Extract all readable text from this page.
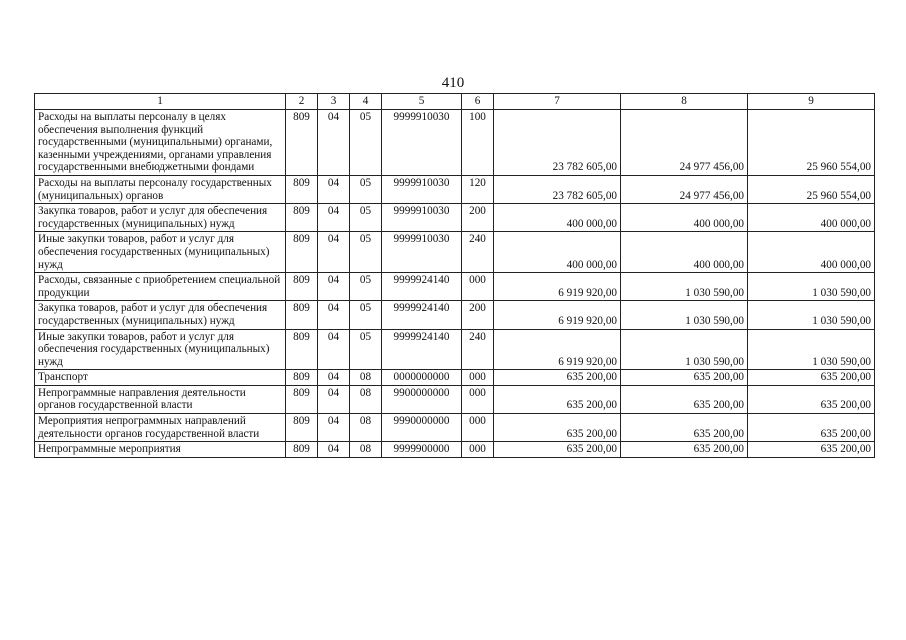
410
1	2	3	4	5	6	7	8	9
Расходы на выплаты персоналу в целях обеспечения выполнения функций государственными (муниципальными) органами, казенными учреждениями, органами управления государственными внебюджетными фондами	809	04	05	9999910030	100	23 782 605,00	24 977 456,00	25 960 554,00
Расходы на выплаты персоналу государственных (муниципальных) органов	809	04	05	9999910030	120	23 782 605,00	24 977 456,00	25 960 554,00
Закупка товаров, работ и услуг для обеспечения государственных (муниципальных) нужд	809	04	05	9999910030	200	400 000,00	400 000,00	400 000,00
Иные закупки товаров, работ и услуг для обеспечения государственных (муниципальных) нужд	809	04	05	9999910030	240	400 000,00	400 000,00	400 000,00
Расходы, связанные с приобретением специальной продукции	809	04	05	9999924140	000	6 919 920,00	1 030 590,00	1 030 590,00
Закупка товаров, работ и услуг для обеспечения государственных (муниципальных) нужд	809	04	05	9999924140	200	6 919 920,00	1 030 590,00	1 030 590,00
Иные закупки товаров, работ и услуг для обеспечения государственных (муниципальных) нужд	809	04	05	9999924140	240	6 919 920,00	1 030 590,00	1 030 590,00
Транспорт	809	04	08	0000000000	000	635 200,00	635 200,00	635 200,00
Непрограммные направления деятельности органов государственной власти	809	04	08	9900000000	000	635 200,00	635 200,00	635 200,00
Мероприятия непрограммных направлений деятельности органов государственной власти	809	04	08	9990000000	000	635 200,00	635 200,00	635 200,00
Непрограммные мероприятия	809	04	08	9999900000	000	635 200,00	635 200,00	635 200,00
